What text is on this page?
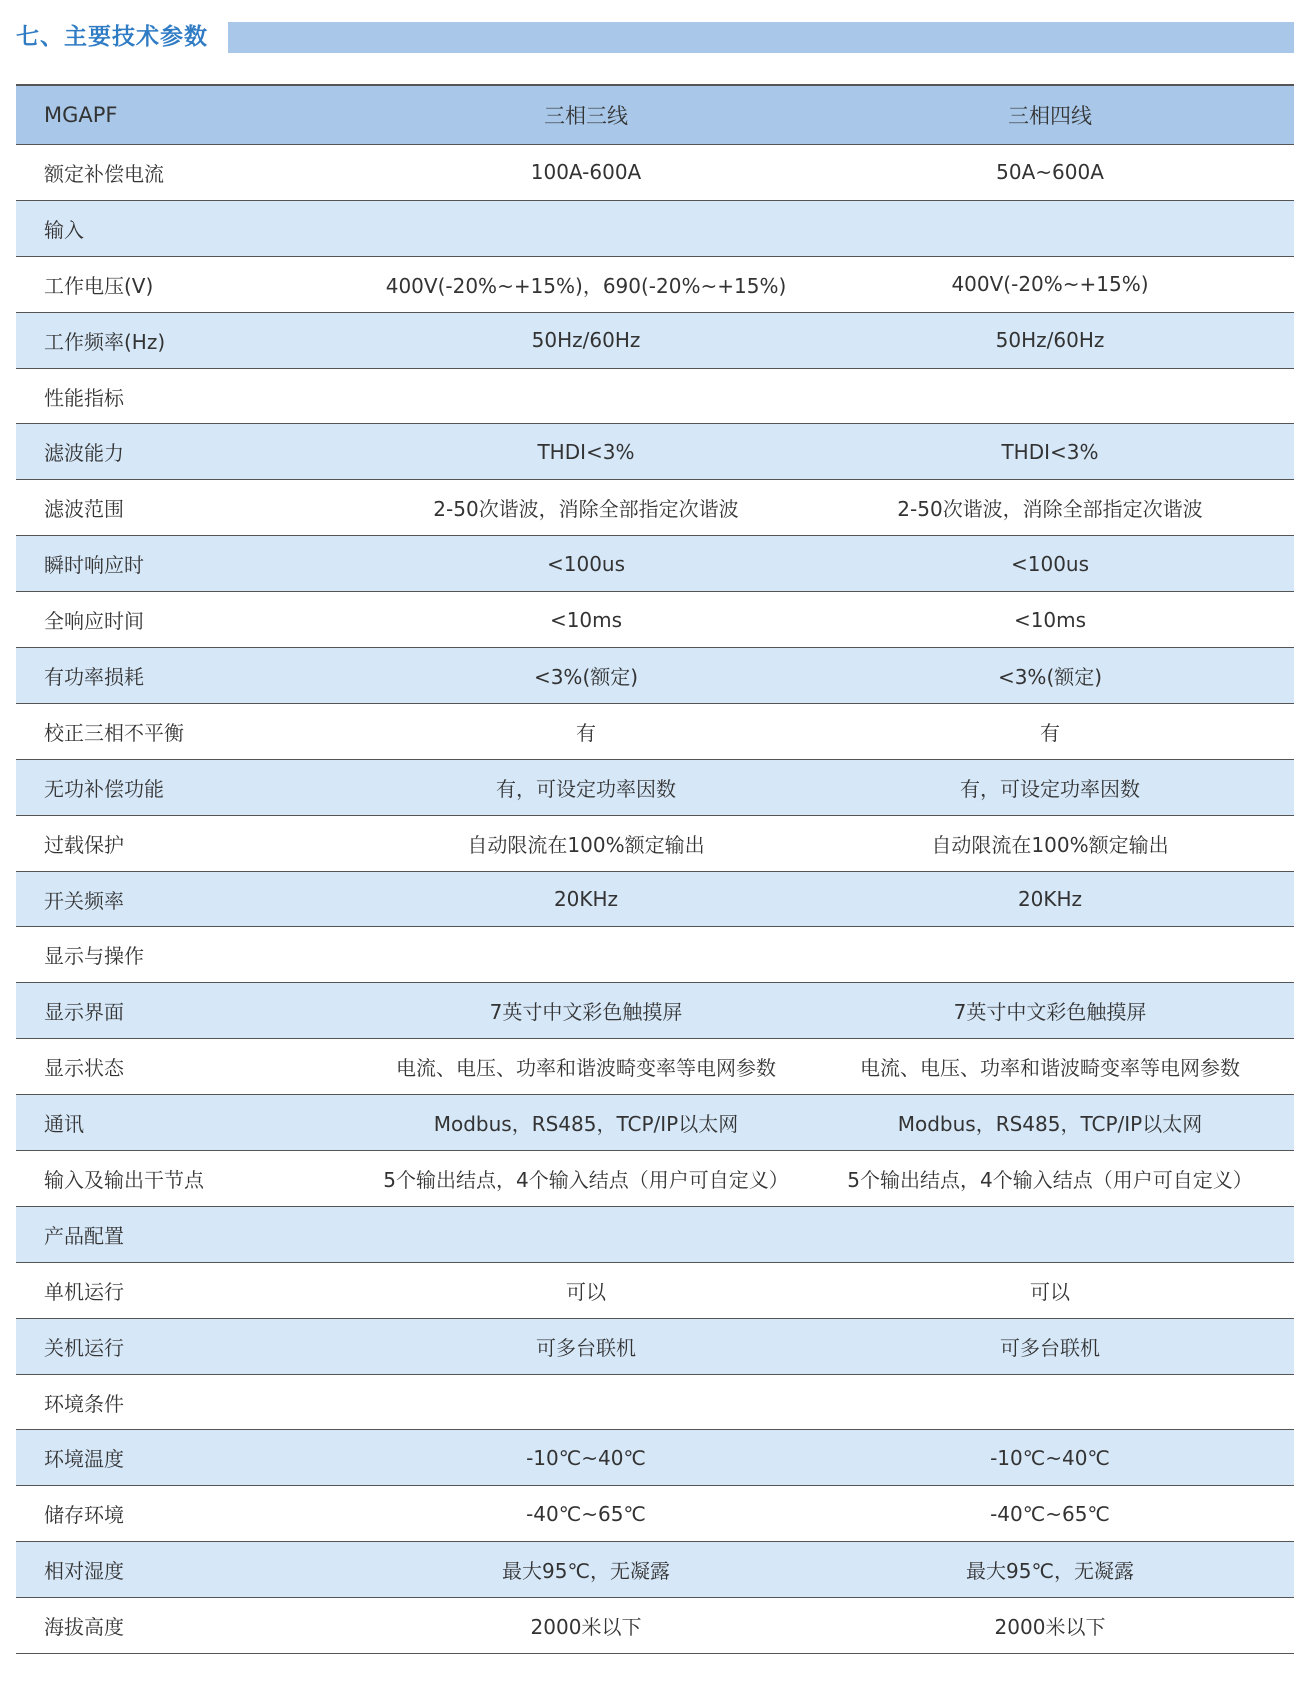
七、主要技术参数
MGAPF	三相三线	三相四线
额定补偿电流	100A-600A	50A~600A
输入
工作电压(V)	400V(-20%~+15%)，690(-20%~+15%)	400V(-20%~+15%)
工作频率(Hz)	50Hz/60Hz	50Hz/60Hz
性能指标
滤波能力	THDI<3%	THDI<3%
滤波范围	2-50次谐波，消除全部指定次谐波	2-50次谐波，消除全部指定次谐波
瞬时响应时	<100us	<100us
全响应时间	<10ms	<10ms
有功率损耗	<3%(额定)	<3%(额定)
校正三相不平衡	有	有
无功补偿功能	有，可设定功率因数	有，可设定功率因数
过载保护	自动限流在100%额定输出	自动限流在100%额定输出
开关频率	20KHz	20KHz
显示与操作
显示界面	7英寸中文彩色触摸屏	7英寸中文彩色触摸屏
显示状态	电流、电压、功率和谐波畸变率等电网参数	电流、电压、功率和谐波畸变率等电网参数
通讯	Modbus，RS485，TCP/IP以太网	Modbus，RS485，TCP/IP以太网
输入及输出干节点	5个输出结点，4个输入结点（用户可自定义）	5个输出结点，4个输入结点（用户可自定义）
产品配置
单机运行	可以	可以
关机运行	可多台联机	可多台联机
环境条件
环境温度	-10℃~40℃	-10℃~40℃
储存环境	-40℃~65℃	-40℃~65℃
相对湿度	最大95℃，无凝露	最大95℃，无凝露
海拔高度	2000米以下	2000米以下
